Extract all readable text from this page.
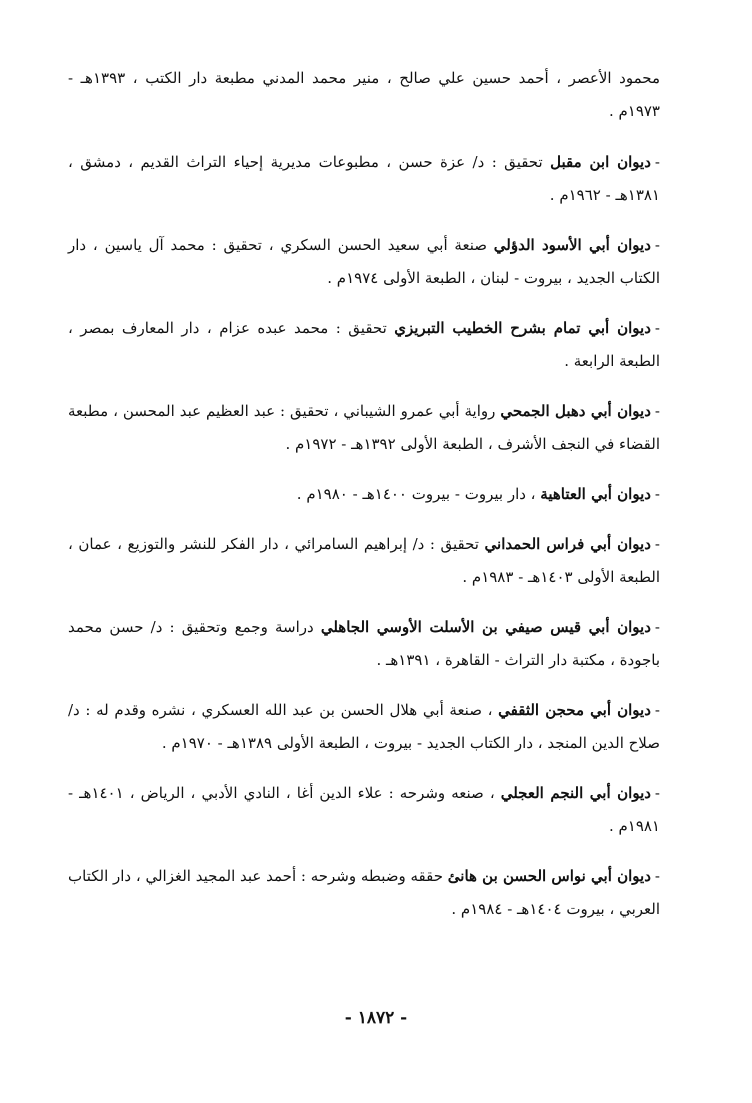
محمود الأعصر ، أحمد حسين علي صالح ، منير محمد المدني مطبعة دار الكتب ، ١٣٩٣هـ - ١٩٧٣م .

-ديوان ابن مقبل تحقيق : د/ عزة حسن ، مطبوعات مديرية إحياء التراث القديم ، دمشق ، ١٣٨١هـ - ١٩٦٢م .

-ديوان أبي الأسود الدؤلي صنعة أبي سعيد الحسن السكري ، تحقيق : محمد آل ياسين ، دار الكتاب الجديد ، بيروت - لبنان ، الطبعة الأولى ١٩٧٤م .

-ديوان أبي تمام بشرح الخطيب التبريزي تحقيق : محمد عبده عزام ، دار المعارف بمصر ، الطبعة الرابعة .

-ديوان أبي دهبل الجمحي رواية أبي عمرو الشيباني ، تحقيق : عبد العظيم عبد المحسن ، مطبعة القضاء في النجف الأشرف ، الطبعة الأولى ١٣٩٢هـ - ١٩٧٢م .

-ديوان أبي العتاهية ، دار بيروت - بيروت ١٤٠٠هـ - ١٩٨٠م .

-ديوان أبي فراس الحمداني تحقيق : د/ إبراهيم السامرائي ، دار الفكر للنشر والتوزيع ، عمان ، الطبعة الأولى ١٤٠٣هـ - ١٩٨٣م .

-ديوان أبي قيس صيفي بن الأسلت الأوسي الجاهلي دراسة وجمع وتحقيق : د/ حسن محمد باجودة ، مكتبة دار التراث - القاهرة ، ١٣٩١هـ .

-ديوان أبي محجن الثقفي ، صنعة أبي هلال الحسن بن عبد الله العسكري ، نشره وقدم له : د/ صلاح الدين المنجد ، دار الكتاب الجديد - بيروت ، الطبعة الأولى ١٣٨٩هـ - ١٩٧٠م .

-ديوان أبي النجم العجلي ، صنعه وشرحه : علاء الدين أغا ، النادي الأدبي ، الرياض ، ١٤٠١هـ - ١٩٨١م .

-ديوان أبي نواس الحسن بن هانئ حققه وضبطه وشرحه : أحمد عبد المجيد الغزالي ، دار الكتاب العربي ، بيروت ١٤٠٤هـ - ١٩٨٤م .

- ١٨٧٢ -
